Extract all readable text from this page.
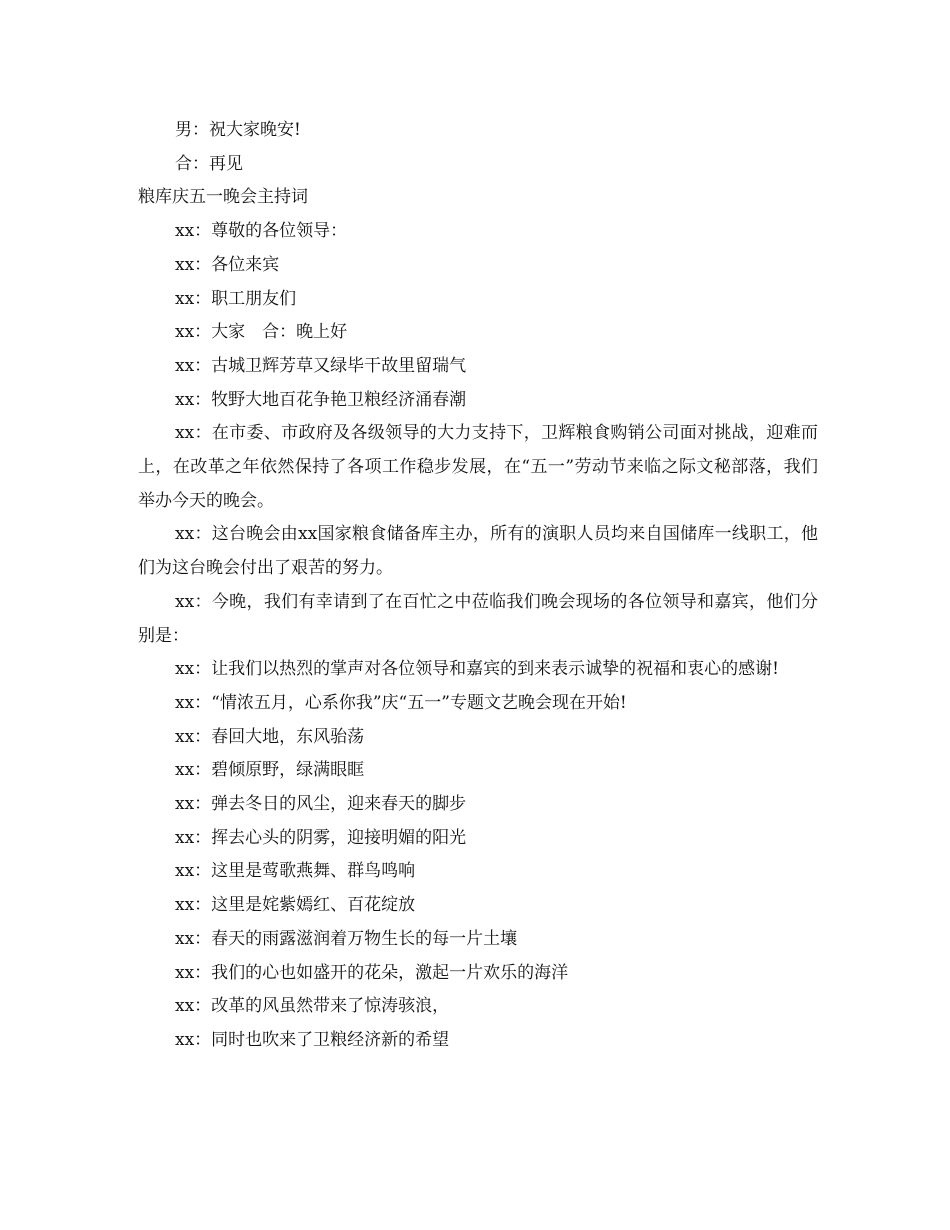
男：祝大家晚安!

合：再见

粮库庆五一晚会主持词

xx：尊敬的各位领导：

xx：各位来宾

xx：职工朋友们

xx：大家　合：晚上好

xx：古城卫辉芳草又绿毕干故里留瑞气

xx：牧野大地百花争艳卫粮经济涌春潮

xx：在市委、市政府及各级领导的大力支持下，卫辉粮食购销公司面对挑战，迎难而上，在改革之年依然保持了各项工作稳步发展，在“五一”劳动节来临之际文秘部落，我们举办今天的晚会。

xx：这台晚会由xx国家粮食储备库主办，所有的演职人员均来自国储库一线职工，他们为这台晚会付出了艰苦的努力。

xx：今晚，我们有幸请到了在百忙之中莅临我们晚会现场的各位领导和嘉宾，他们分别是：

xx：让我们以热烈的掌声对各位领导和嘉宾的到来表示诚挚的祝福和衷心的感谢!

xx：“情浓五月，心系你我”庆“五一”专题文艺晚会现在开始!

xx：春回大地，东风骀荡

xx：碧倾原野，绿满眼眶

xx：弹去冬日的风尘，迎来春天的脚步

xx：挥去心头的阴雾，迎接明媚的阳光

xx：这里是莺歌燕舞、群鸟鸣响

xx：这里是姹紫嫣红、百花绽放

xx：春天的雨露滋润着万物生长的每一片土壤

xx：我们的心也如盛开的花朵，激起一片欢乐的海洋

xx：改革的风虽然带来了惊涛骇浪，

xx：同时也吹来了卫粮经济新的希望
